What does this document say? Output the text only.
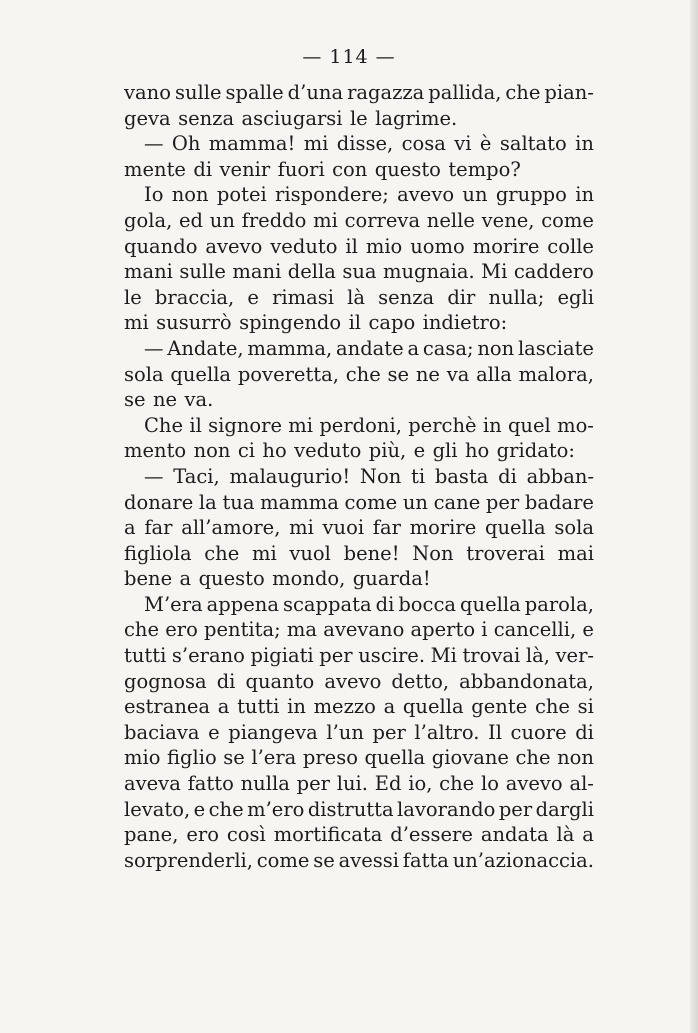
— 114 —
vano sulle spalle d’una ragazza pallida, che pian-
geva senza asciugarsi le lagrime.
— Oh mamma! mi disse, cosa vi è saltato in
mente di venir fuori con questo tempo?
Io non potei rispondere; avevo un gruppo in
gola, ed un freddo mi correva nelle vene, come
quando avevo veduto il mio uomo morire colle
mani sulle mani della sua mugnaia. Mi caddero
le braccia, e rimasi là senza dir nulla; egli
mi susurrò spingendo il capo indietro:
— Andate, mamma, andate a casa; non lasciate
sola quella poveretta, che se ne va alla malora,
se ne va.
Che il signore mi perdoni, perchè in quel mo-
mento non ci ho veduto più, e gli ho gridato:
— Taci, malaugurio! Non ti basta di abban-
donare la tua mamma come un cane per badare
a far all’amore, mi vuoi far morire quella sola
figliola che mi vuol bene! Non troverai mai
bene a questo mondo, guarda!
M’era appena scappata di bocca quella parola,
che ero pentita; ma avevano aperto i cancelli, e
tutti s’erano pigiati per uscire. Mi trovai là, ver-
gognosa di quanto avevo detto, abbandonata,
estranea a tutti in mezzo a quella gente che si
baciava e piangeva l’un per l’altro. Il cuore di
mio figlio se l’era preso quella giovane che non
aveva fatto nulla per lui. Ed io, che lo avevo al-
levato, e che m’ero distrutta lavorando per dargli
pane, ero così mortificata d’essere andata là a
sorprenderli, come se avessi fatta un’azionaccia.
